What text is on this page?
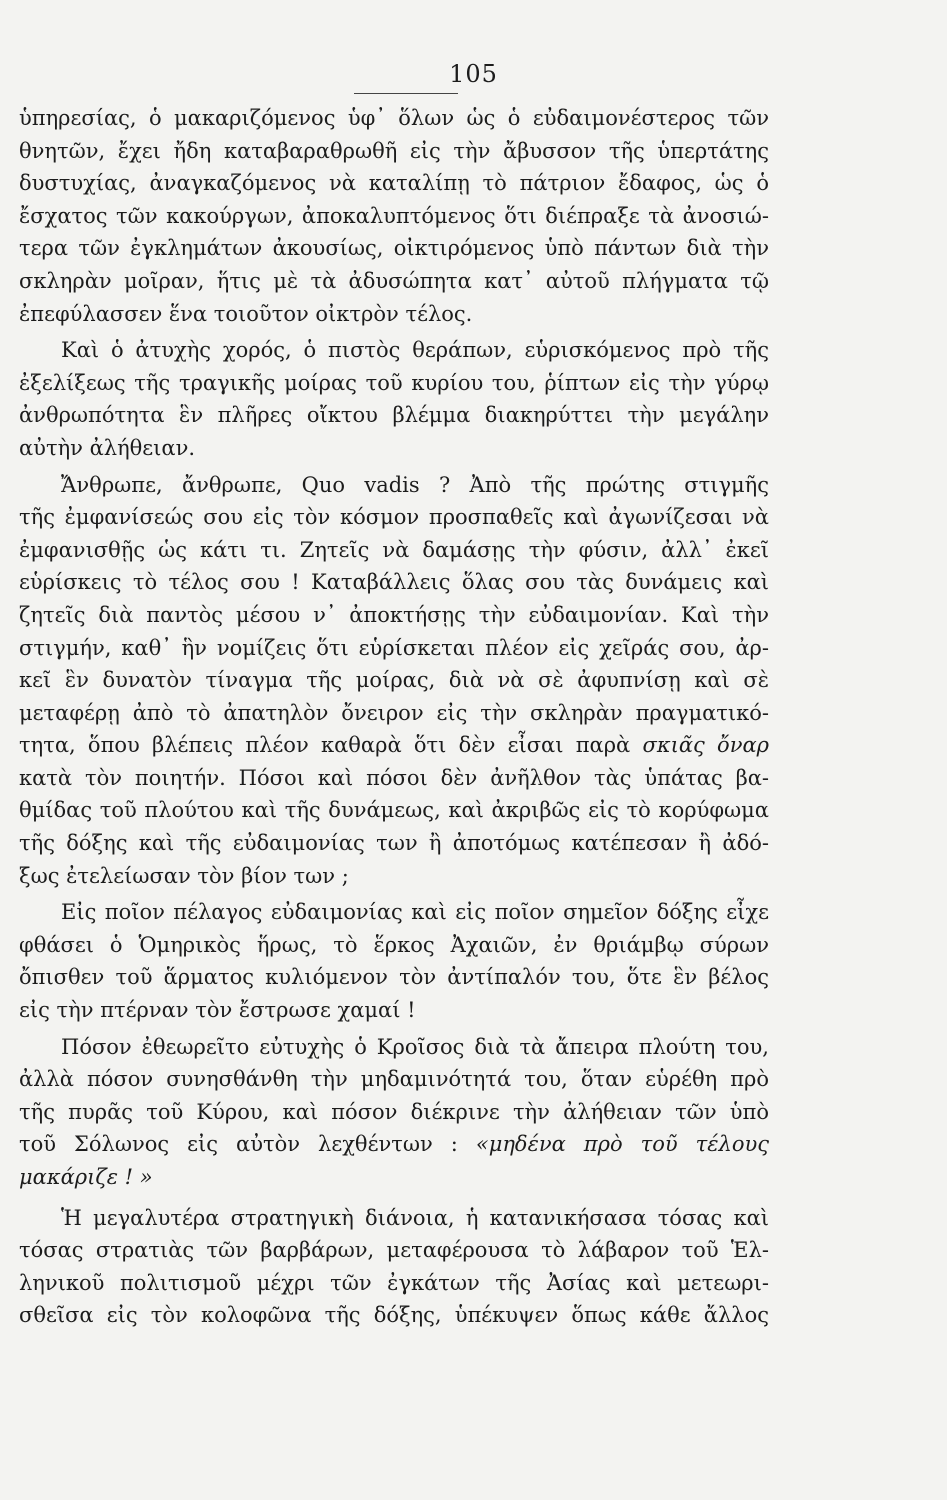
105
ὑπηρεσίας, ὁ μακαριζόμενος ὑφ᾽ ὅλων ὡς ὁ εὐδαιμονέστερος τῶν
θνητῶν, ἔχει ἤδη καταβαραθρωθῆ εἰς τὴν ἄβυσσον τῆς ὑπερτάτης
δυστυχίας, ἀναγκαζόμενος νὰ καταλίπῃ τὸ πάτριον ἔδαφος, ὡς ὁ
ἔσχατος τῶν κακούργων, ἀποκαλυπτόμενος ὅτι διέπραξε τὰ ἀνοσιώ-
τερα τῶν ἐγκλημάτων ἀκουσίως, οἰκτιρόμενος ὑπὸ πάντων διὰ τὴν
σκληρὰν μοῖραν, ἥτις μὲ τὰ ἀδυσώπητα κατ᾽ αὐτοῦ πλήγματα τῷ
ἐπεφύλασσεν ἕνα τοιοῦτον οἰκτρὸν τέλος.
Καὶ ὁ ἀτυχὴς χορός, ὁ πιστὸς θεράπων, εὑρισκόμενος πρὸ τῆς
ἐξελίξεως τῆς τραγικῆς μοίρας τοῦ κυρίου του, ῥίπτων εἰς τὴν γύρῳ
ἀνθρωπότητα ἓν πλῆρες οἴκτου βλέμμα διακηρύττει τὴν μεγάλην
αὐτὴν ἀλήθειαν.
Ἄνθρωπε, ἄνθρωπε, Quo vadis ? Ἀπὸ τῆς πρώτης στιγμῆς
τῆς ἐμφανίσεώς σου εἰς τὸν κόσμον προσπαθεῖς καὶ ἀγωνίζεσαι νὰ
ἐμφανισθῇς ὡς κάτι τι. Ζητεῖς νὰ δαμάσῃς τὴν φύσιν, ἀλλ᾽ ἐκεῖ
εὑρίσκεις τὸ τέλος σου ! Καταβάλλεις ὅλας σου τὰς δυνάμεις καὶ
ζητεῖς διὰ παντὸς μέσου ν᾽ ἀποκτήσῃς τὴν εὐδαιμονίαν. Καὶ τὴν
στιγμήν, καθ᾽ ἣν νομίζεις ὅτι εὑρίσκεται πλέον εἰς χεῖράς σου, ἀρ-
κεῖ ἓν δυνατὸν τίναγμα τῆς μοίρας, διὰ νὰ σὲ ἀφυπνίσῃ καὶ σὲ
μεταφέρῃ ἀπὸ τὸ ἀπατηλὸν ὄνειρον εἰς τὴν σκληρὰν πραγματικό-
τητα, ὅπου βλέπεις πλέον καθαρὰ ὅτι δὲν εἶσαι παρὰ σκιᾶς ὄναρ
κατὰ τὸν ποιητήν. Πόσοι καὶ πόσοι δὲν ἀνῆλθον τὰς ὑπάτας βα-
θμίδας τοῦ πλούτου καὶ τῆς δυνάμεως, καὶ ἀκριβῶς εἰς τὸ κορύφωμα
τῆς δόξης καὶ τῆς εὐδαιμονίας των ἢ ἀποτόμως κατέπεσαν ἢ ἀδό-
ξως ἐτελείωσαν τὸν βίον των ;
Εἰς ποῖον πέλαγος εὐδαιμονίας καὶ εἰς ποῖον σημεῖον δόξης εἶχε
φθάσει ὁ Ὁμηρικὸς ἥρως, τὸ ἕρκος Ἀχαιῶν, ἐν θριάμβῳ σύρων
ὄπισθεν τοῦ ἅρματος κυλιόμενον τὸν ἀντίπαλόν του, ὅτε ἓν βέλος
εἰς τὴν πτέρναν τὸν ἔστρωσε χαμαί !
Πόσον ἐθεωρεῖτο εὐτυχὴς ὁ Κροῖσος διὰ τὰ ἄπειρα πλούτη του,
ἀλλὰ πόσον συνησθάνθη τὴν μηδαμινότητά του, ὅταν εὑρέθη πρὸ
τῆς πυρᾶς τοῦ Κύρου, καὶ πόσον διέκρινε τὴν ἀλήθειαν τῶν ὑπὸ
τοῦ Σόλωνος εἰς αὐτὸν λεχθέντων : «μηδένα πρὸ τοῦ τέλους
μακάριζε ! »
Ἡ μεγαλυτέρα στρατηγικὴ διάνοια, ἡ κατανικήσασα τόσας καὶ
τόσας στρατιὰς τῶν βαρβάρων, μεταφέρουσα τὸ λάβαρον τοῦ Ἑλ-
ληνικοῦ πολιτισμοῦ μέχρι τῶν ἐγκάτων τῆς Ἀσίας καὶ μετεωρι-
σθεῖσα εἰς τὸν κολοφῶνα τῆς δόξης, ὑπέκυψεν ὅπως κάθε ἄλλος
